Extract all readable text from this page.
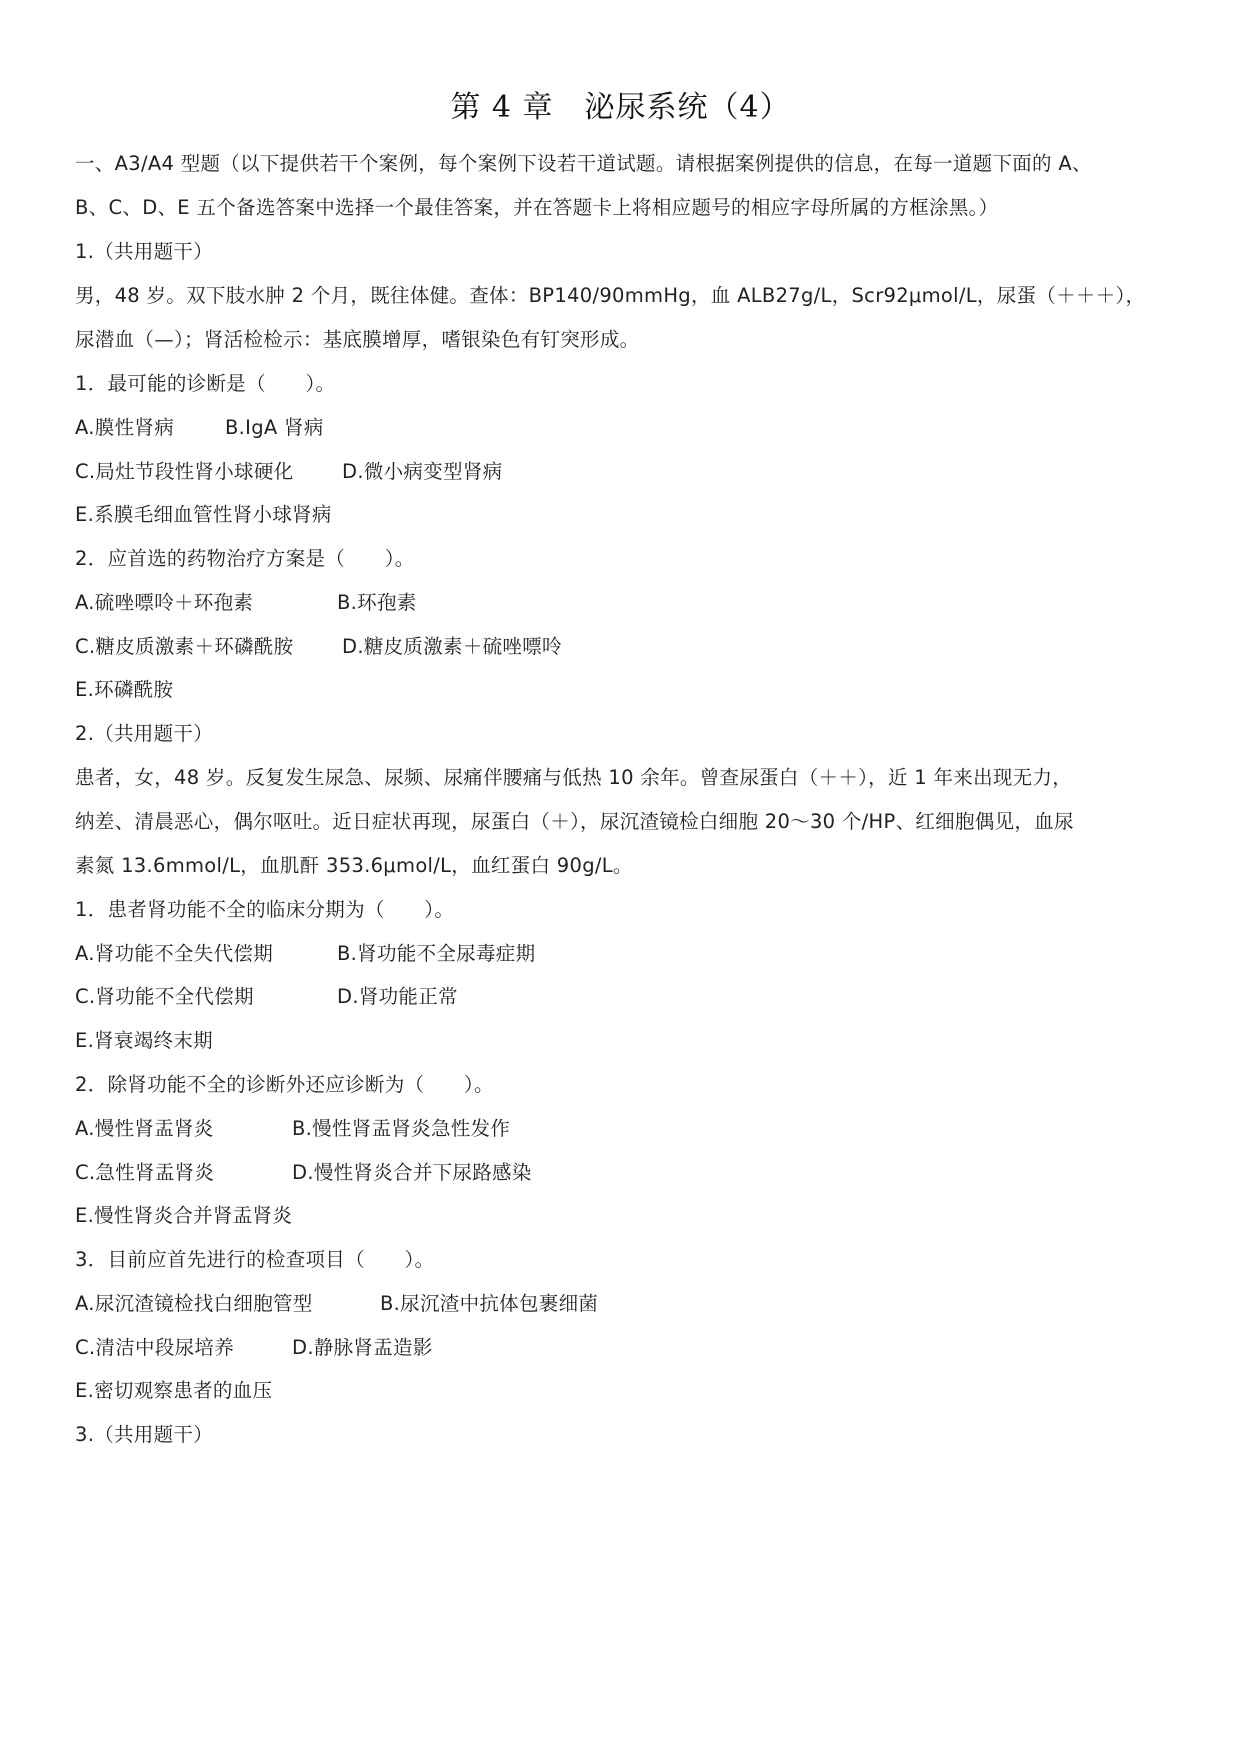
第 4 章　泌尿系统（4）
一、A3/A4 型题（以下提供若干个案例，每个案例下设若干道试题。请根据案例提供的信息，在每一道题下面的 A、
B、C、D、E 五个备选答案中选择一个最佳答案，并在答题卡上将相应题号的相应字母所属的方框涂黑。）
1.（共用题干）
男，48 岁。双下肢水肿 2 个月，既往体健。查体：BP140/90mmHg，血 ALB27g/L，Scr92μmol/L，尿蛋（＋＋＋），
尿潜血（—）；肾活检检示：基底膜增厚，嗜银染色有钉突形成。
1．最可能的诊断是（　　）。
A.膜性肾病	B.IgA 肾病
C.局灶节段性肾小球硬化 D.微小病变型肾病
E.系膜毛细血管性肾小球肾病
2．应首选的药物治疗方案是（　　）。
A.硫唑嘌呤＋环孢素	B.环孢素
C.糖皮质激素＋环磷酰胺 D.糖皮质激素＋硫唑嘌呤
E.环磷酰胺
2.（共用题干）
患者，女，48 岁。反复发生尿急、尿频、尿痛伴腰痛与低热 10 余年。曾查尿蛋白（＋＋），近 1 年来出现无力，
纳差、清晨恶心，偶尔呕吐。近日症状再现，尿蛋白（＋），尿沉渣镜检白细胞 20～30 个/HP、红细胞偶见，血尿
素氮 13.6mmol/L，血肌酐 353.6μmol/L，血红蛋白 90g/L。
1．患者肾功能不全的临床分期为（　　）。
A.肾功能不全失代偿期	B.肾功能不全尿毒症期
C.肾功能不全代偿期	D.肾功能正常
E.肾衰竭终末期
2．除肾功能不全的诊断外还应诊断为（　　）。
A.慢性肾盂肾炎	B.慢性肾盂肾炎急性发作
C.急性肾盂肾炎	D.慢性肾炎合并下尿路感染
E.慢性肾炎合并肾盂肾炎
3．目前应首先进行的检查项目（　　）。
A.尿沉渣镜检找白细胞管型	B.尿沉渣中抗体包裹细菌
C.清洁中段尿培养	D.静脉肾盂造影
E.密切观察患者的血压
3.（共用题干）
